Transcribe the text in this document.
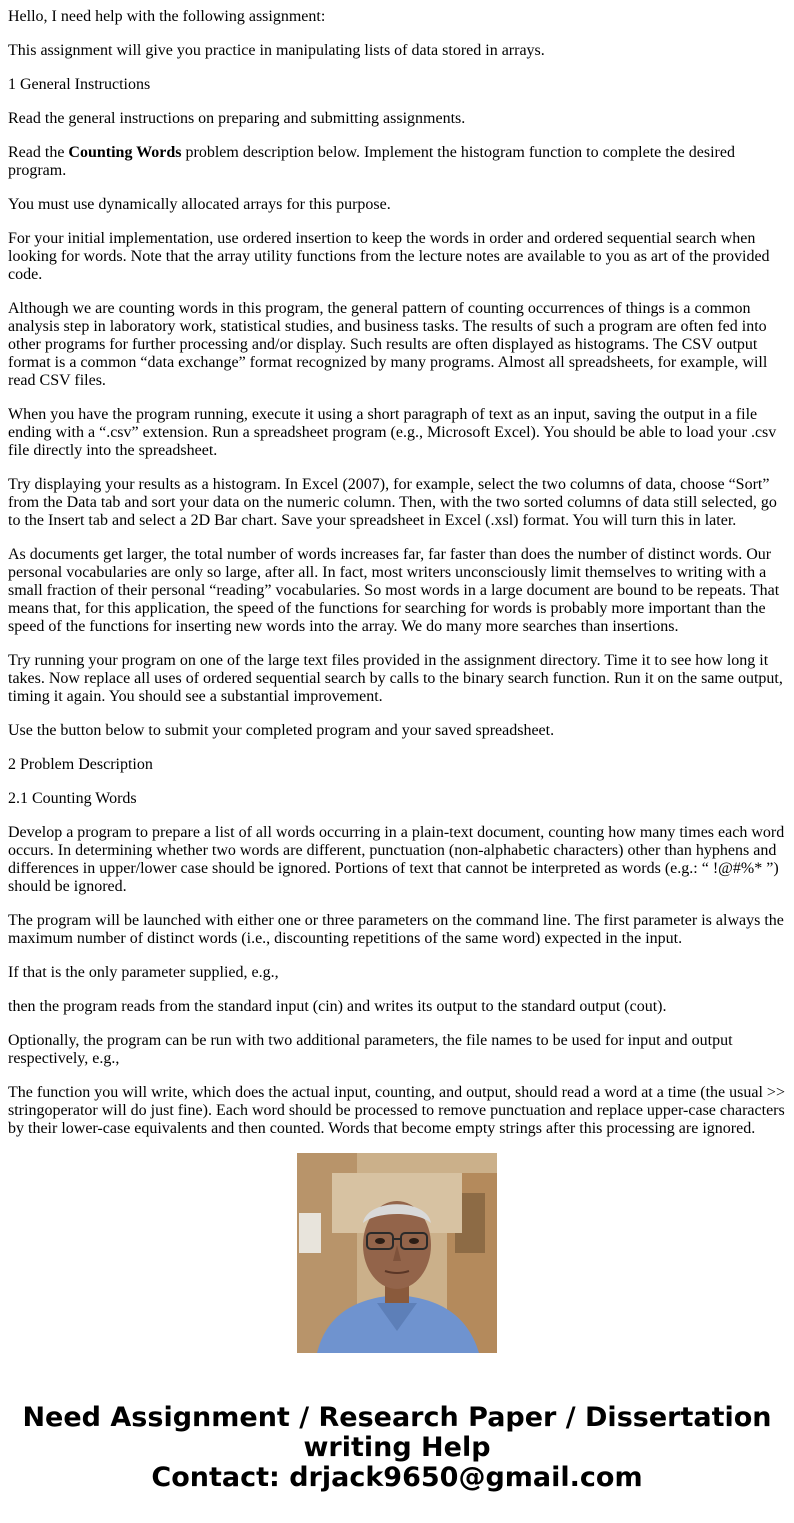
Hello, I need help with the following assignment:

This assignment will give you practice in manipulating lists of data stored in arrays.

1 General Instructions

Read the general instructions on preparing and submitting assignments.

Read the Counting Words problem description below. Implement the histogram function to complete the desired program.

You must use dynamically allocated arrays for this purpose.

For your initial implementation, use ordered insertion to keep the words in order and ordered sequential search when looking for words. Note that the array utility functions from the lecture notes are available to you as art of the provided code.

Although we are counting words in this program, the general pattern of counting occurrences of things is a common analysis step in laboratory work, statistical studies, and business tasks. The results of such a program are often fed into other programs for further processing and/or display. Such results are often displayed as histograms. The CSV output format is a common “data exchange” format recognized by many programs. Almost all spreadsheets, for example, will read CSV files.

When you have the program running, execute it using a short paragraph of text as an input, saving the output in a file ending with a “.csv” extension. Run a spreadsheet program (e.g., Microsoft Excel). You should be able to load your .csv file directly into the spreadsheet.

Try displaying your results as a histogram. In Excel (2007), for example, select the two columns of data, choose “Sort” from the Data tab and sort your data on the numeric column. Then, with the two sorted columns of data still selected, go to the Insert tab and select a 2D Bar chart. Save your spreadsheet in Excel (.xsl) format. You will turn this in later.

As documents get larger, the total number of words increases far, far faster than does the number of distinct words. Our personal vocabularies are only so large, after all. In fact, most writers unconsciously limit themselves to writing with a small fraction of their personal “reading” vocabularies. So most words in a large document are bound to be repeats. That means that, for this application, the speed of the functions for searching for words is probably more important than the speed of the functions for inserting new words into the array. We do many more searches than insertions.

Try running your program on one of the large text files provided in the assignment directory. Time it to see how long it takes. Now replace all uses of ordered sequential search by calls to the binary search function. Run it on the same output, timing it again. You should see a substantial improvement.

Use the button below to submit your completed program and your saved spreadsheet.

2 Problem Description

2.1 Counting Words

Develop a program to prepare a list of all words occurring in a plain-text document, counting how many times each word occurs. In determining whether two words are different, punctuation (non-alphabetic characters) other than hyphens and differences in upper/lower case should be ignored. Portions of text that cannot be interpreted as words (e.g.: “ !@#%* ”) should be ignored.

The program will be launched with either one or three parameters on the command line. The first parameter is always the maximum number of distinct words (i.e., discounting repetitions of the same word) expected in the input.

If that is the only parameter supplied, e.g.,

then the program reads from the standard input (cin) and writes its output to the standard output (cout).

Optionally, the program can be run with two additional parameters, the file names to be used for input and output respectively, e.g.,

The function you will write, which does the actual input, counting, and output, should read a word at a time (the usual >> stringoperator will do just fine). Each word should be processed to remove punctuation and replace upper-case characters by their lower-case equivalents and then counted. Words that become empty strings after this processing are ignored.

Need Assignment / Research Paper / Dissertation
writing Help
Contact: drjack9650@gmail.com
